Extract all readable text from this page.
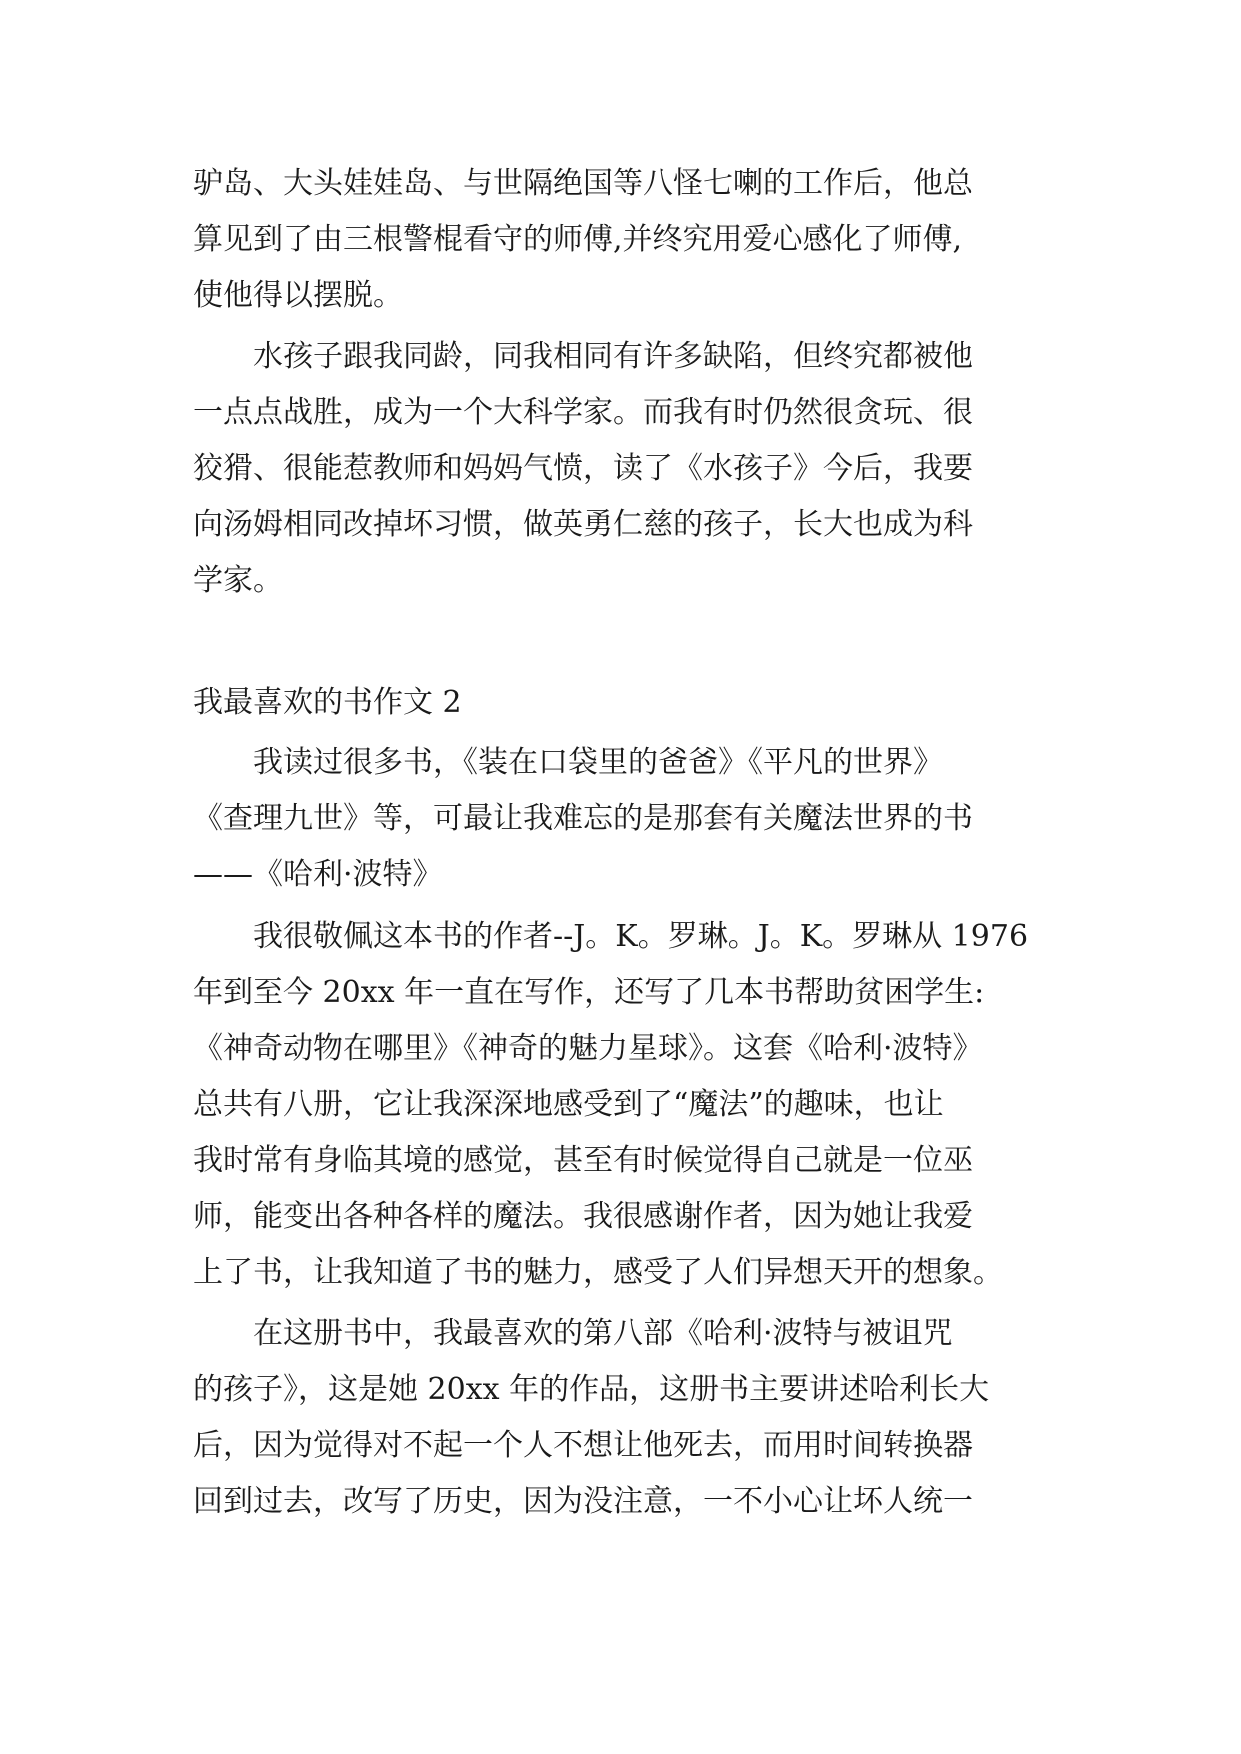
驴岛、大头娃娃岛、与世隔绝国等八怪七喇的工作后，他总
算见到了由三根警棍看守的师傅,并终究用爱心感化了师傅,
使他得以摆脱。
水孩子跟我同龄，同我相同有许多缺陷，但终究都被他
一点点战胜，成为一个大科学家。而我有时仍然很贪玩、很
狡猾、很能惹教师和妈妈气愤，读了《水孩子》今后，我要
向汤姆相同改掉坏习惯，做英勇仁慈的孩子，长大也成为科
学家。
我最喜欢的书作文 2
我读过很多书，《装在口袋里的爸爸》《平凡的世界》
《查理九世》等，可最让我难忘的是那套有关魔法世界的书
——《哈利·波特》
我很敬佩这本书的作者--J。K。罗琳。J。K。罗琳从 1976
年到至今 20xx 年一直在写作，还写了几本书帮助贫困学生:
《神奇动物在哪里》《神奇的魅力星球》。这套《哈利·波特》
总共有八册，它让我深深地感受到了“魔法”的趣味，也让
我时常有身临其境的感觉，甚至有时候觉得自己就是一位巫
师，能变出各种各样的魔法。我很感谢作者，因为她让我爱
上了书，让我知道了书的魅力，感受了人们异想天开的想象。
在这册书中，我最喜欢的第八部《哈利·波特与被诅咒
的孩子》，这是她 20xx 年的作品，这册书主要讲述哈利长大
后，因为觉得对不起一个人不想让他死去，而用时间转换器
回到过去，改写了历史，因为没注意，一不小心让坏人统一
